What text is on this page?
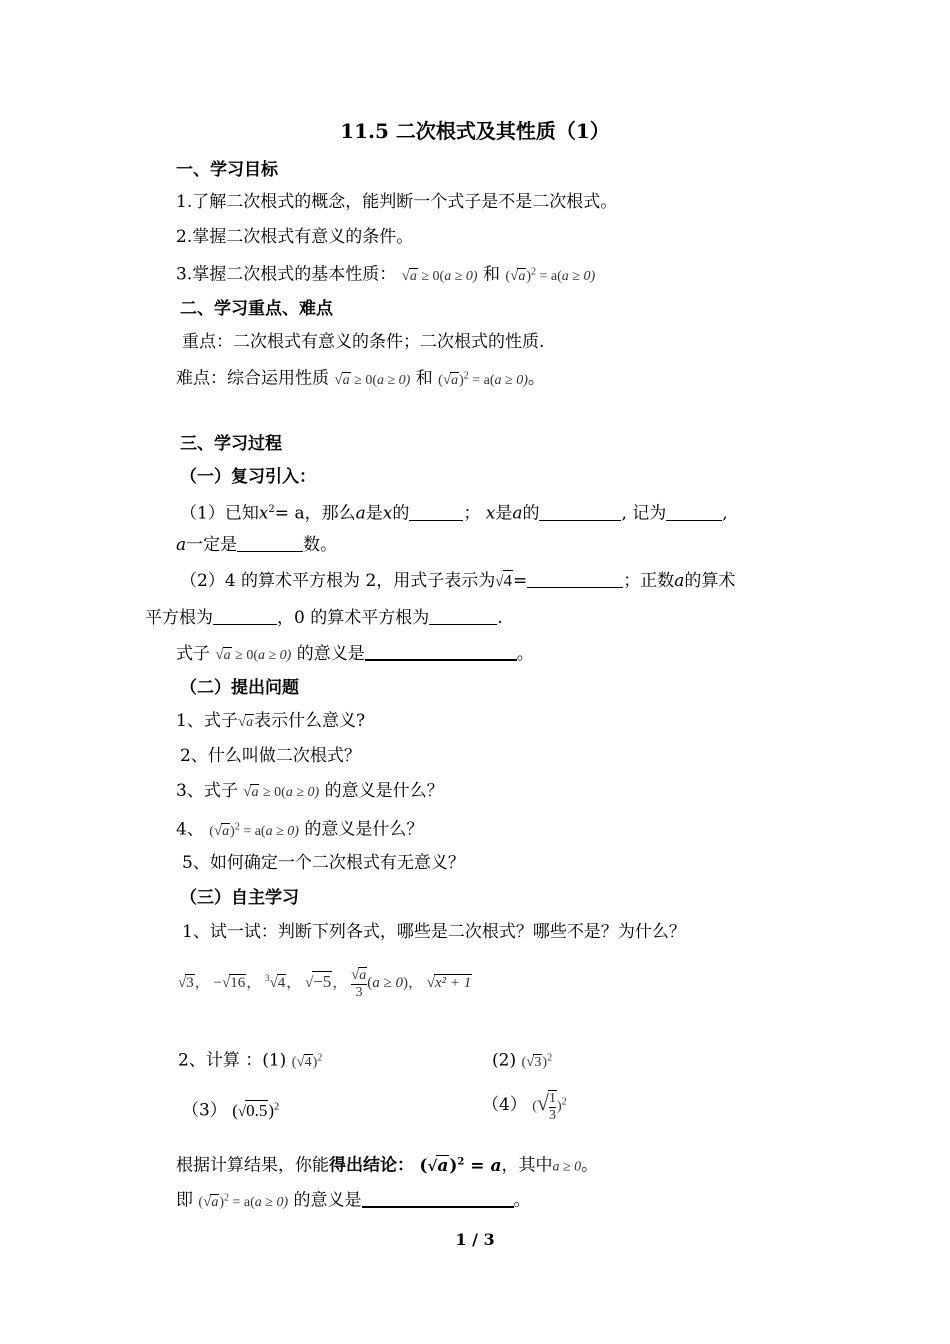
11.5 二次根式及其性质（1）
一、学习目标
1.了解二次根式的概念，能判断一个式子是不是二次根式。
2.掌握二次根式有意义的条件。
3.掌握二次根式的基本性质： √a ≥ 0(a ≥ 0) 和 $(√a)^2 = a(a \ge 0)$
二、学习重点、难点
重点：二次根式有意义的条件；二次根式的性质.
难点：综合运用性质 √a ≥ 0(a ≥ 0) 和 $(√a)^2 = a(a \ge 0)$。
三、学习过程
（一）复习引入：
（1）已知$x^2= a$，那么a是x的	； x是a的	, 记为	,
a一定是	数。
（2）4 的算术平方根为 2，用式子表示为√4=	；正数a的算术
平方根为	，0 的算术平方根为	.
式子 √a ≥ 0(a ≥ 0) 的意义是	。
（二）提出问题
1、式子√a表示什么意义?
2、什么叫做二次根式？
3、式子 √a ≥ 0(a ≥ 0) 的意义是什么？
4、 $(√a)^2 = a(a \ge 0)$ 的意义是什么？
5、如何确定一个二次根式有无意义？
（三）自主学习
1、试一试：判断下列各式，哪些是二次根式？哪些不是？为什么？
√3， −√16， $^3$√4， √−5， $\frac{√a}{3} (a \ge 0)$， √x² + 1
2、计算 ：(1) $(√4)^2$	(2) $(√3)^2$
（3） $(√0.5)^2$	（4） (√ $\frac{1}{3} )^2$
根据计算结果，你能得出结论： $(√a)^2 = a$，其中a ≥ 0。
即 $(√a)^2 = a(a \ge 0)$ 的意义是	。
1 / 3
